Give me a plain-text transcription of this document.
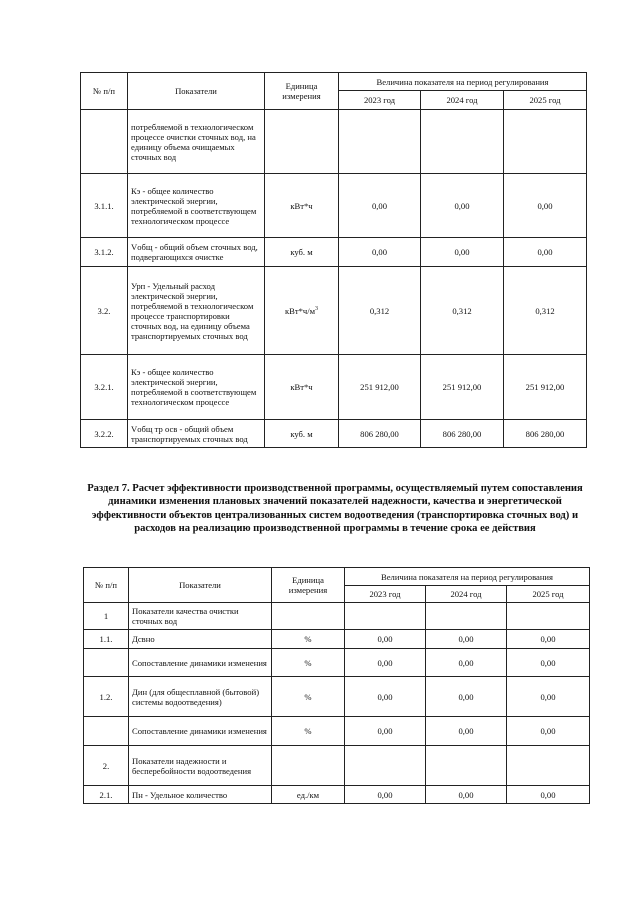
№ п/п	Показатели	Единица измерения	Величина показателя на период регулирования		
			2023 год	2024 год	2025 год
	потребляемой в технологическом процессе очистки сточных вод, на единицу объема очищаемых сточных вод				
3.1.1.	Кэ - общее количество электрической энергии, потребляемой в соответствующем технологическом процессе	кВт*ч	0,00	0,00	0,00
3.1.2.	Vобщ - общий объем сточных вод, подвергающихся очистке	куб. м	0,00	0,00	0,00
3.2.	Урп - Удельный расход электрической энергии, потребляемой в технологическом процессе транспортировки сточных вод, на единицу объема транспортируемых сточных вод	$кВт*ч/м^3$	0,312	0,312	0,312
3.2.1.	Кэ - общее количество электрической энергии, потребляемой в соответствующем технологическом процессе	кВт*ч	251 912,00	251 912,00	251 912,00
3.2.2.	Vобщ тр осв - общий объем транспортируемых сточных вод	куб. м	806 280,00	806 280,00	806 280,00

Раздел 7. Расчет эффективности производственной программы, осуществляемый путем сопоставления динамики изменения плановых значений показателей надежности, качества и энергетической эффективности объектов централизованных систем водоотведения (транспортировка сточных вод) и расходов на реализацию производственной программы в течение срока ее действия

№ п/п	Показатели	Единица измерения	Величина показателя на период регулирования		
			2023 год	2024 год	2025 год
1	Показатели качества очистки сточных вод				
1.1.	Дсвно	%	0,00	0,00	0,00
	Сопоставление динамики изменения	%	0,00	0,00	0,00
1.2.	Дин (для общесплавной (бытовой) системы водоотведения)	%	0,00	0,00	0,00
	Сопоставление динамики изменения	%	0,00	0,00	0,00
2.	Показатели надежности и бесперебойности водоотведения				
2.1.	Пн - Удельное количество	ед./км	0,00	0,00	0,00
